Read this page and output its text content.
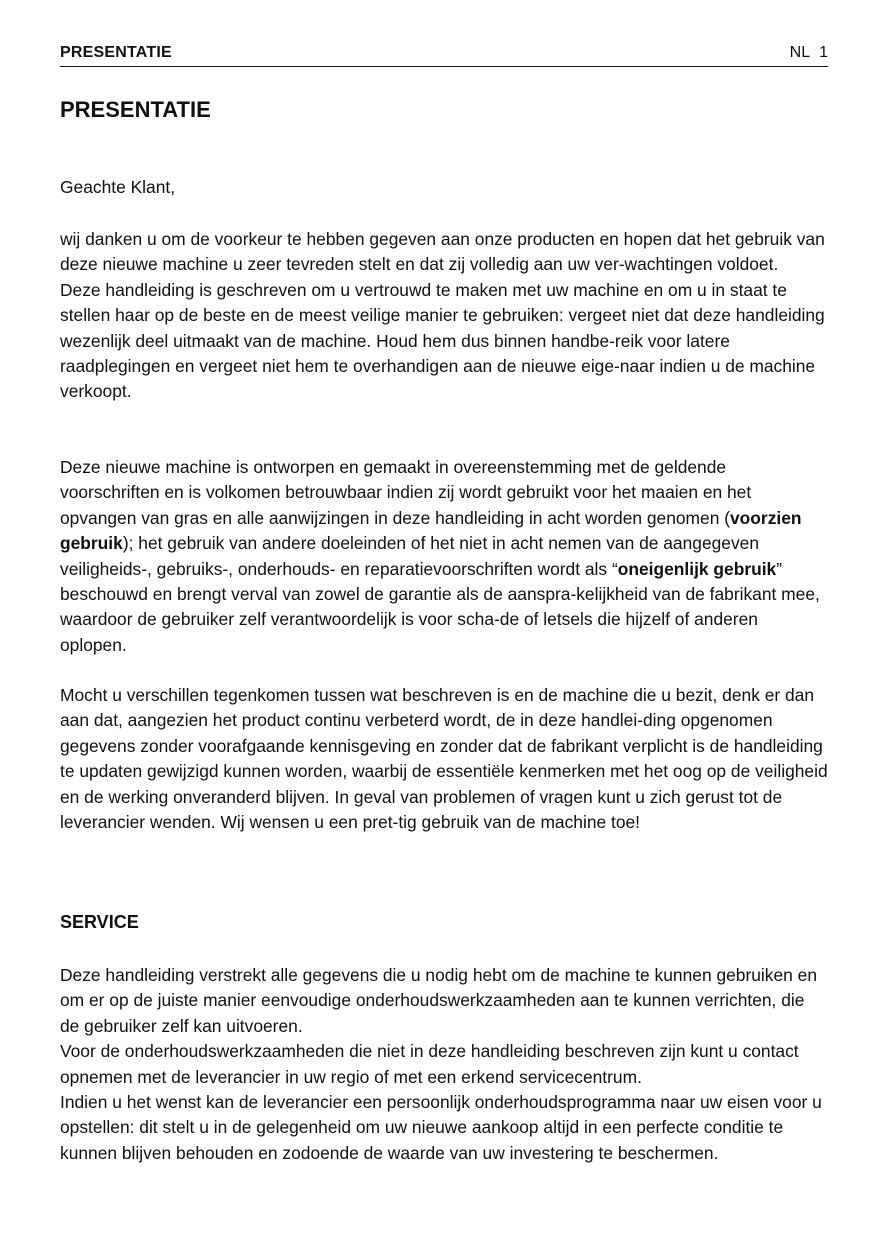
PRESENTATIE	NL 1
PRESENTATIE

Geachte Klant,

wij danken u om de voorkeur te hebben gegeven aan onze producten en hopen dat het gebruik van deze nieuwe machine u zeer tevreden stelt en dat zij volledig aan uw ver-wachtingen voldoet.

Deze handleiding is geschreven om u vertrouwd te maken met uw machine en om u in staat te stellen haar op de beste en de meest veilige manier te gebruiken: vergeet niet dat deze handleiding wezenlijk deel uitmaakt van de machine. Houd hem dus binnen handbe-reik voor latere raadplegingen en vergeet niet hem te overhandigen aan de nieuwe eige-naar indien u de machine verkoopt.

Deze nieuwe machine is ontworpen en gemaakt in overeenstemming met de geldende voorschriften en is volkomen betrouwbaar indien zij wordt gebruikt voor het maaien en het opvangen van gras en alle aanwijzingen in deze handleiding in acht worden genomen (voorzien gebruik); het gebruik van andere doeleinden of het niet in acht nemen van de aangegeven veiligheids-, gebruiks-, onderhouds- en reparatievoorschriften wordt als “oneigenlijk gebruik” beschouwd en brengt verval van zowel de garantie als de aanspra-kelijkheid van de fabrikant mee, waardoor de gebruiker zelf verantwoordelijk is voor scha-de of letsels die hijzelf of anderen oplopen.

Mocht u verschillen tegenkomen tussen wat beschreven is en de machine die u bezit, denk er dan aan dat, aangezien het product continu verbeterd wordt, de in deze handlei-ding opgenomen gegevens zonder voorafgaande kennisgeving en zonder dat de fabrikant verplicht is de handleiding te updaten gewijzigd kunnen worden, waarbij de essentiële kenmerken met het oog op de veiligheid en de werking onveranderd blijven. In geval van problemen of vragen kunt u zich gerust tot de leverancier wenden. Wij wensen u een pret-tig gebruik van de machine toe!

SERVICE

Deze handleiding verstrekt alle gegevens die u nodig hebt om de machine te kunnen gebruiken en om er op de juiste manier eenvoudige onderhoudswerkzaamheden aan te kunnen verrichten, die de gebruiker zelf kan uitvoeren.

Voor de onderhoudswerkzaamheden die niet in deze handleiding beschreven zijn kunt u contact opnemen met de leverancier in uw regio of met een erkend servicecentrum.

Indien u het wenst kan de leverancier een persoonlijk onderhoudsprogramma naar uw eisen voor u opstellen: dit stelt u in de gelegenheid om uw nieuwe aankoop altijd in een perfecte conditie te kunnen blijven behouden en zodoende de waarde van uw investering te beschermen.
